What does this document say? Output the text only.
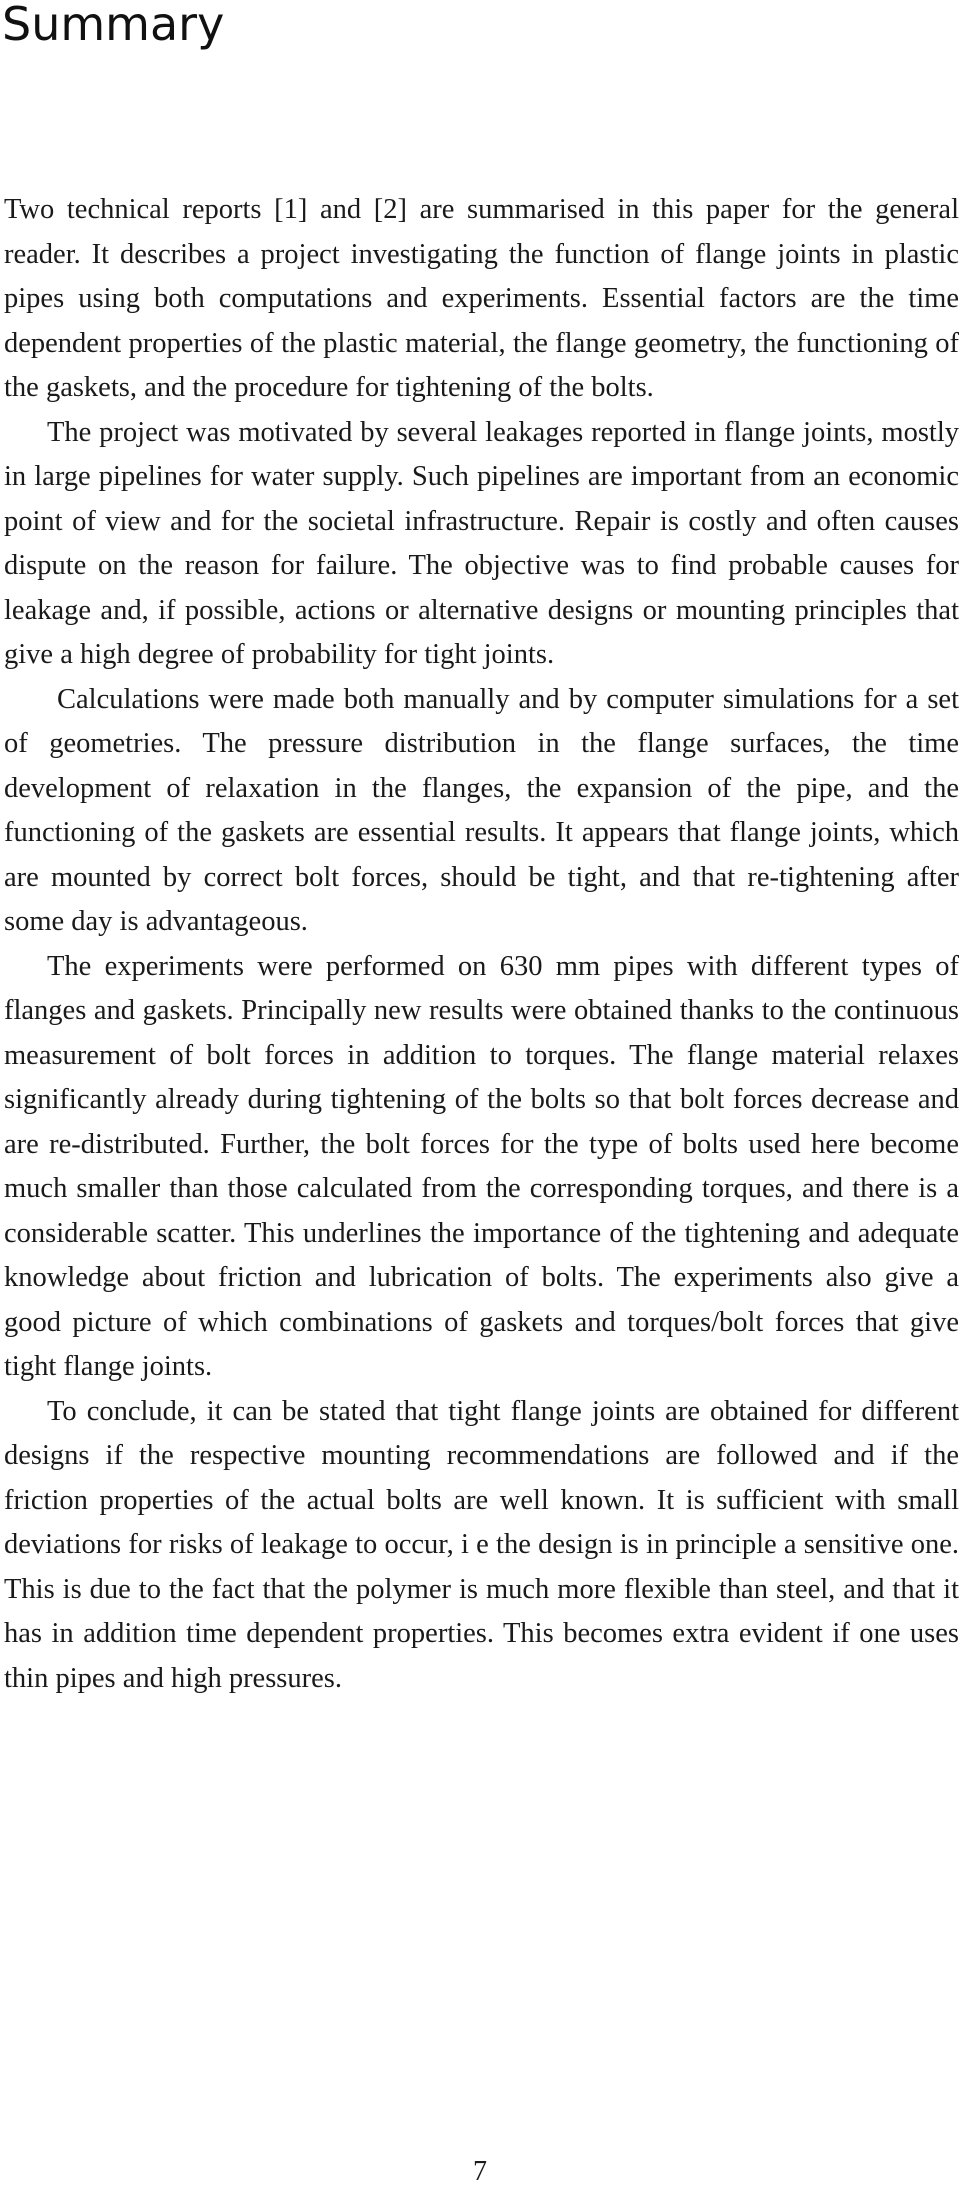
Summary

Two technical reports [1] and [2] are summarised in this paper for the general reader. It describes a project investigating the function of flange joints in plastic pipes using both computations and experiments. Essential factors are the time dependent properties of the plastic material, the flange geometry, the functioning of the gaskets, and the procedure for tightening of the bolts.

The project was motivated by several leakages reported in flange joints, mostly in large pipelines for water supply. Such pipelines are important from an economic point of view and for the societal infrastructure. Repair is costly and often causes dispute on the reason for failure. The objective was to find probable causes for leakage and, if possible, actions or alternative designs or mounting principles that give a high degree of probability for tight joints.

Calculations were made both manually and by computer simulations for a set of geometries. The pressure distribution in the flange surfaces, the time development of relaxation in the flanges, the expansion of the pipe, and the functioning of the gaskets are essential results. It appears that flange joints, which are mounted by correct bolt forces, should be tight, and that re-tightening after some day is advantageous.

The experiments were performed on 630 mm pipes with different types of flanges and gaskets. Principally new results were obtained thanks to the continuous measurement of bolt forces in addition to torques. The flange material relaxes significantly already during tightening of the bolts so that bolt forces decrease and are re-distributed. Further, the bolt forces for the type of bolts used here become much smaller than those calculated from the corresponding torques, and there is a considerable scatter. This underlines the importance of the tightening and adequate knowledge about friction and lubrication of bolts. The experiments also give a good picture of which combinations of gaskets and torques/bolt forces that give tight flange joints.

To conclude, it can be stated that tight flange joints are obtained for different designs if the respective mounting recommendations are followed and if the friction properties of the actual bolts are well known. It is sufficient with small deviations for risks of leakage to occur, i e the design is in principle a sensitive one. This is due to the fact that the polymer is much more flexible than steel, and that it has in addition time dependent properties. This becomes extra evident if one uses thin pipes and high pressures.

7
